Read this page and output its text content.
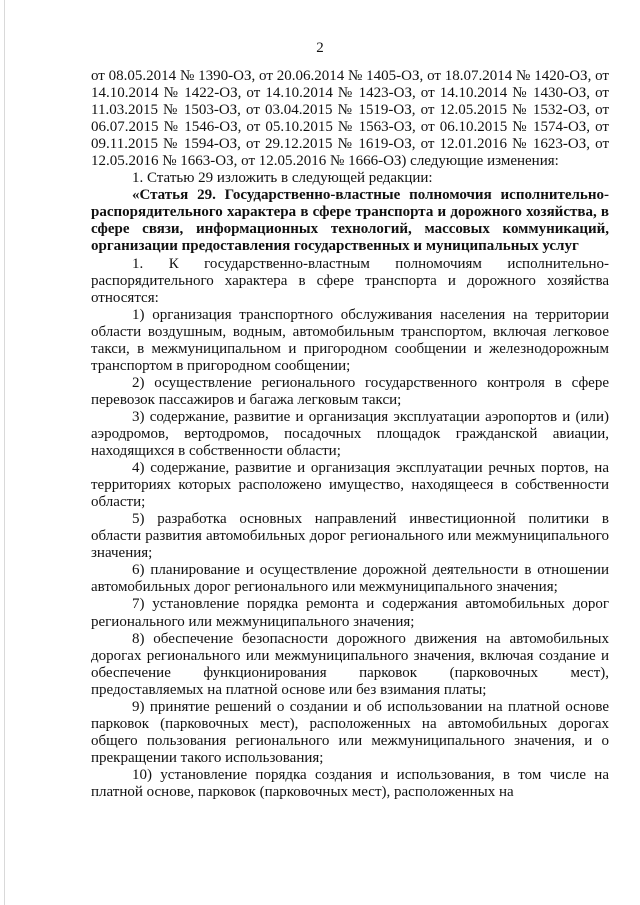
2

от 08.05.2014 № 1390-ОЗ, от 20.06.2014 № 1405-ОЗ, от 18.07.2014 № 1420-ОЗ, от 14.10.2014 № 1422-ОЗ, от 14.10.2014 № 1423-ОЗ, от 14.10.2014 № 1430-ОЗ, от 11.03.2015 № 1503-ОЗ, от 03.04.2015 № 1519-ОЗ, от 12.05.2015 № 1532-ОЗ, от 06.07.2015 № 1546-ОЗ, от 05.10.2015 № 1563-ОЗ, от 06.10.2015 № 1574-ОЗ, от 09.11.2015 № 1594-ОЗ, от 29.12.2015 № 1619-ОЗ, от 12.01.2016 № 1623-ОЗ, от 12.05.2016 № 1663-ОЗ, от 12.05.2016 № 1666-ОЗ) следующие изменения:

1. Статью 29 изложить в следующей редакции:

«Статья 29. Государственно-властные полномочия исполнительно-распорядительного характера в сфере транспорта и дорожного хозяйства, в сфере связи, информационных технологий, массовых коммуникаций, организации предоставления государственных и муниципальных услуг

1. К государственно-властным полномочиям исполнительно-распорядительного характера в сфере транспорта и дорожного хозяйства относятся:

1) организация транспортного обслуживания населения на территории области воздушным, водным, автомобильным транспортом, включая легковое такси, в межмуниципальном и пригородном сообщении и железнодорожным транспортом в пригородном сообщении;

2) осуществление регионального государственного контроля в сфере перевозок пассажиров и багажа легковым такси;

3) содержание, развитие и организация эксплуатации аэропортов и (или) аэродромов, вертодромов, посадочных площадок гражданской авиации, находящихся в собственности области;

4) содержание, развитие и организация эксплуатации речных портов, на территориях которых расположено имущество, находящееся в собственности области;

5) разработка основных направлений инвестиционной политики в области развития автомобильных дорог регионального или межмуниципального значения;

6) планирование и осуществление дорожной деятельности в отношении автомобильных дорог регионального или межмуниципального значения;

7) установление порядка ремонта и содержания автомобильных дорог регионального или межмуниципального значения;

8) обеспечение безопасности дорожного движения на автомобильных дорогах регионального или межмуниципального значения, включая создание и обеспечение функционирования парковок (парковочных мест), предоставляемых на платной основе или без взимания платы;

9) принятие решений о создании и об использовании на платной основе парковок (парковочных мест), расположенных на автомобильных дорогах общего пользования регионального или межмуниципального значения, и о прекращении такого использования;

10) установление порядка создания и использования, в том числе на платной основе, парковок (парковочных мест), расположенных на
